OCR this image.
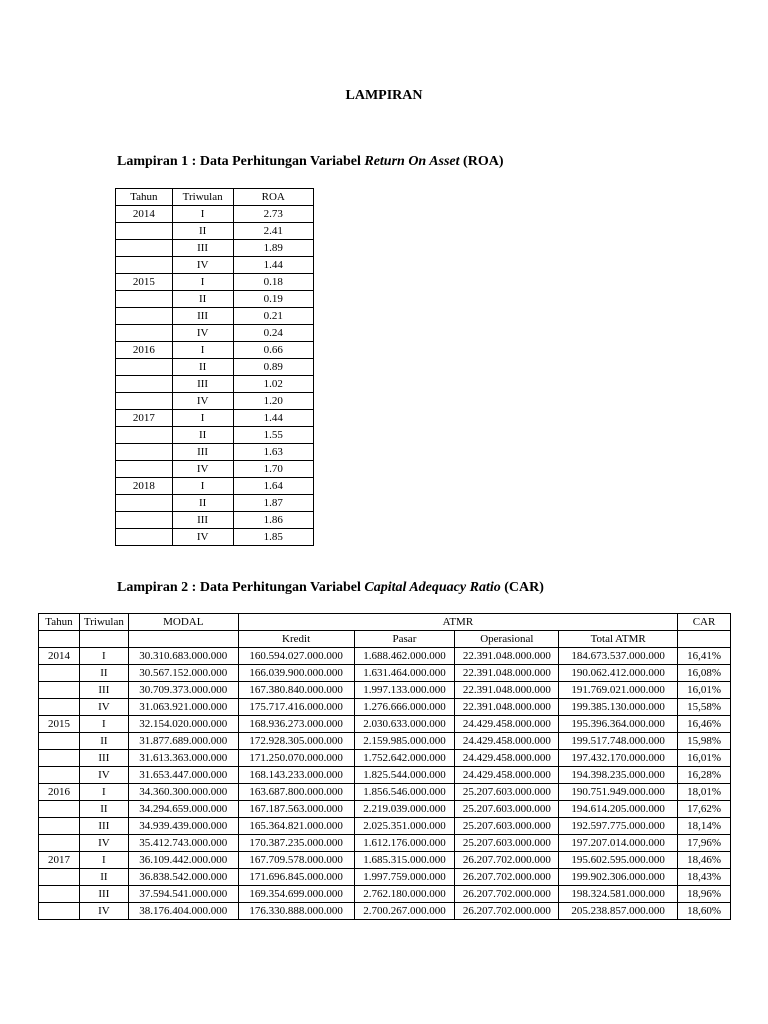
LAMPIRAN
Lampiran 1 : Data Perhitungan Variabel Return On Asset (ROA)
Tahun	Triwulan	ROA
2014	I	2.73
	II	2.41
	III	1.89
	IV	1.44
2015	I	0.18
	II	0.19
	III	0.21
	IV	0.24
2016	I	0.66
	II	0.89
	III	1.02
	IV	1.20
2017	I	1.44
	II	1.55
	III	1.63
	IV	1.70
2018	I	1.64
	II	1.87
	III	1.86
	IV	1.85
Lampiran 2 : Data Perhitungan Variabel Capital Adequacy Ratio (CAR)
Tahun	Triwulan	MODAL	ATMR				CAR
			Kredit	Pasar	Operasional	Total ATMR	
2014	I	30.310.683.000.000	160.594.027.000.000	1.688.462.000.000	22.391.048.000.000	184.673.537.000.000	16,41%
	II	30.567.152.000.000	166.039.900.000.000	1.631.464.000.000	22.391.048.000.000	190.062.412.000.000	16,08%
	III	30.709.373.000.000	167.380.840.000.000	1.997.133.000.000	22.391.048.000.000	191.769.021.000.000	16,01%
	IV	31.063.921.000.000	175.717.416.000.000	1.276.666.000.000	22.391.048.000.000	199.385.130.000.000	15,58%
2015	I	32.154.020.000.000	168.936.273.000.000	2.030.633.000.000	24.429.458.000.000	195.396.364.000.000	16,46%
	II	31.877.689.000.000	172.928.305.000.000	2.159.985.000.000	24.429.458.000.000	199.517.748.000.000	15,98%
	III	31.613.363.000.000	171.250.070.000.000	1.752.642.000.000	24.429.458.000.000	197.432.170.000.000	16,01%
	IV	31.653.447.000.000	168.143.233.000.000	1.825.544.000.000	24.429.458.000.000	194.398.235.000.000	16,28%
2016	I	34.360.300.000.000	163.687.800.000.000	1.856.546.000.000	25.207.603.000.000	190.751.949.000.000	18,01%
	II	34.294.659.000.000	167.187.563.000.000	2.219.039.000.000	25.207.603.000.000	194.614.205.000.000	17,62%
	III	34.939.439.000.000	165.364.821.000.000	2.025.351.000.000	25.207.603.000.000	192.597.775.000.000	18,14%
	IV	35.412.743.000.000	170.387.235.000.000	1.612.176.000.000	25.207.603.000.000	197.207.014.000.000	17,96%
2017	I	36.109.442.000.000	167.709.578.000.000	1.685.315.000.000	26.207.702.000.000	195.602.595.000.000	18,46%
	II	36.838.542.000.000	171.696.845.000.000	1.997.759.000.000	26.207.702.000.000	199.902.306.000.000	18,43%
	III	37.594.541.000.000	169.354.699.000.000	2.762.180.000.000	26.207.702.000.000	198.324.581.000.000	18,96%
	IV	38.176.404.000.000	176.330.888.000.000	2.700.267.000.000	26.207.702.000.000	205.238.857.000.000	18,60%
